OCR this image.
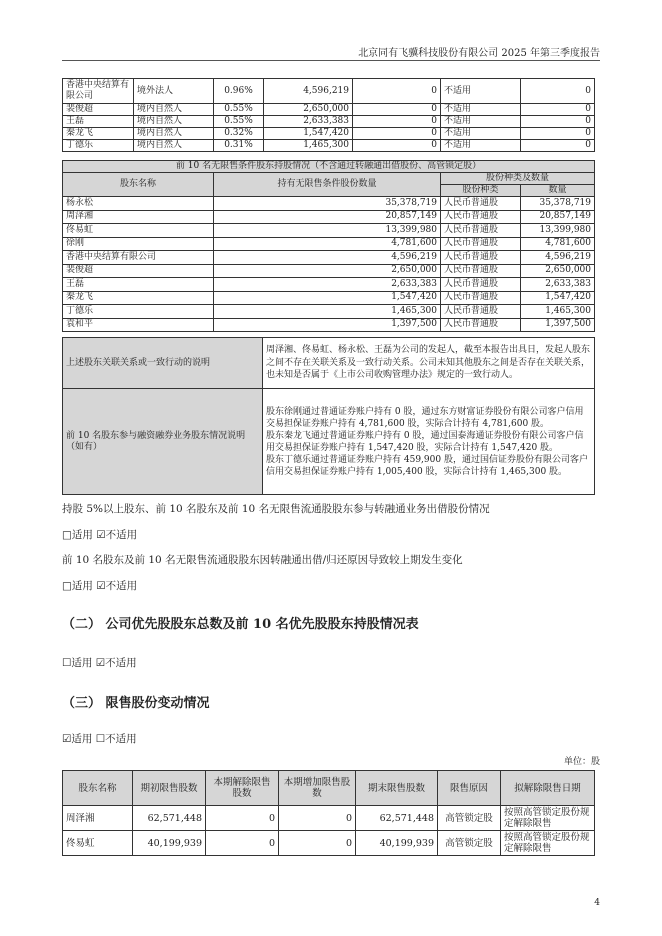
北京同有飞骥科技股份有限公司 2025 年第三季度报告
香港中央结算有限公司	境外法人	0.96%	4,596,219	0	不适用	0
裴俊超	境内自然人	0.55%	2,650,000	0	不适用	0
王磊	境内自然人	0.55%	2,633,383	0	不适用	0
秦龙飞	境内自然人	0.32%	1,547,420	0	不适用	0
丁德乐	境内自然人	0.31%	1,465,300	0	不适用	0
前 10 名无限售条件股东持股情况（不含通过转融通出借股份、高管锁定股）			
股东名称	持有无限售条件股份数量	股份种类及数量	
		股份种类	数量
杨永松	35,378,719	人民币普通股	35,378,719
周泽湘	20,857,149	人民币普通股	20,857,149
佟易虹	13,399,980	人民币普通股	13,399,980
徐刚	4,781,600	人民币普通股	4,781,600
香港中央结算有限公司	4,596,219	人民币普通股	4,596,219
裴俊超	2,650,000	人民币普通股	2,650,000
王磊	2,633,383	人民币普通股	2,633,383
秦龙飞	1,547,420	人民币普通股	1,547,420
丁德乐	1,465,300	人民币普通股	1,465,300
袁和平	1,397,500	人民币普通股	1,397,500
上述股东关联关系或一致行动的说明	周泽湘、佟易虹、杨永松、王磊为公司的发起人，截至本报告出具日，发起人股东之间不存在关联关系及一致行动关系。公司未知其他股东之间是否存在关联关系，也未知是否属于《上市公司收购管理办法》规定的一致行动人。
前 10 名股东参与融资融券业务股东情况说明（如有）	股东徐刚通过普通证券账户持有 0 股，通过东方财富证券股份有限公司客户信用交易担保证券账户持有 4,781,600 股，实际合计持有 4,781,600 股。
股东秦龙飞通过普通证券账户持有 0 股，通过国泰海通证券股份有限公司客户信用交易担保证券账户持有 1,547,420 股，实际合计持有 1,547,420 股。
股东丁德乐通过普通证券账户持有 459,900 股，通过国信证券股份有限公司客户信用交易担保证券账户持有 1,005,400 股，实际合计持有 1,465,300 股。
持股 5%以上股东、前 10 名股东及前 10 名无限售流通股股东参与转融通业务出借股份情况
□适用 ☑不适用
前 10 名股东及前 10 名无限售流通股股东因转融通出借/归还原因导致较上期发生变化
□适用 ☑不适用
（二） 公司优先股股东总数及前 10 名优先股股东持股情况表
☐适用 ☑不适用
（三） 限售股份变动情况
☑适用 ☐不适用
单位：股
股东名称	期初限售股数	本期解除限售股数	本期增加限售股数	期末限售股数	限售原因	拟解除限售日期
周泽湘	62,571,448	0	0	62,571,448	高管锁定股	按照高管锁定股份规定解除限售
佟易虹	40,199,939	0	0	40,199,939	高管锁定股	按照高管锁定股份规定解除限售
4
